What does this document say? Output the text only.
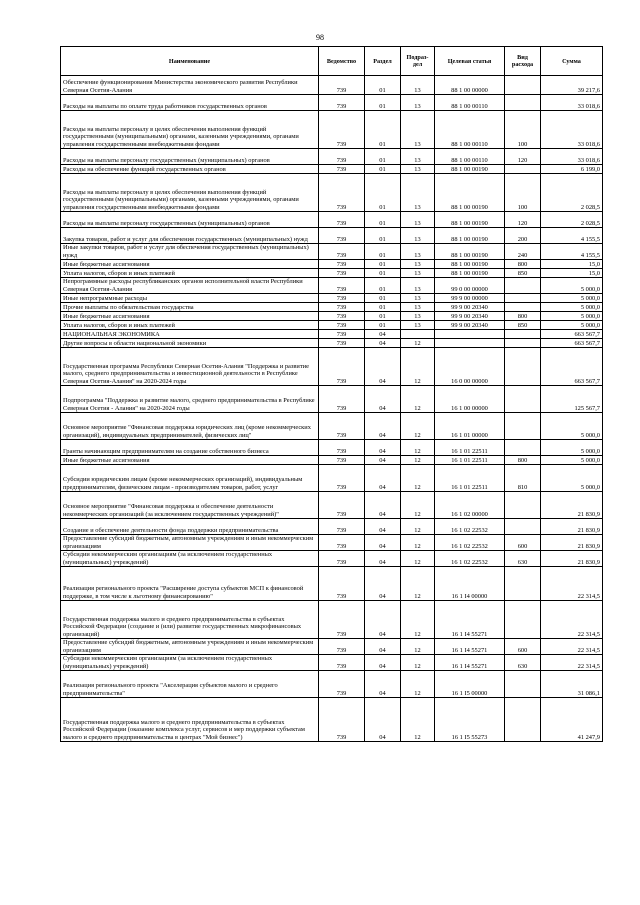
98
Наименование	Ведомство	Раздел	Подраз-дел	Целевая статья	Вид расхода	Сумма
Обеспечение функционирования Министерства экономического развития Республики Северная Осетия-Алания	739	01	13	88 1 00 00000		39 217,6
Расходы на выплаты по оплате труда работников государственных органов	739	01	13	88 1 00 00110		33 018,6
Расходы на выплаты персоналу в целях обеспечения выполнения функций государственными (муниципальными) органами, казенными учреждениями, органами управления государственными внебюджетными фондами	739	01	13	88 1 00 00110	100	33 018,6
Расходы на выплаты персоналу государственных (муниципальных) органов	739	01	13	88 1 00 00110	120	33 018,6
Расходы на обеспечение функций государственных органов	739	01	13	88 1 00 00190		6 199,0
Расходы на выплаты персоналу в целях обеспечения выполнения функций государственными (муниципальными) органами, казенными учреждениями, органами управления государственными внебюджетными фондами	739	01	13	88 1 00 00190	100	2 028,5
Расходы на выплаты персоналу государственных (муниципальных) органов	739	01	13	88 1 00 00190	120	2 028,5
Закупка товаров, работ и услуг для обеспечения государственных (муниципальных) нужд	739	01	13	88 1 00 00190	200	4 155,5
Иные закупки товаров, работ и услуг для обеспечения государственных (муниципальных) нужд	739	01	13	88 1 00 00190	240	4 155,5
Иные бюджетные ассигнования	739	01	13	88 1 00 00190	800	15,0
Уплата налогов, сборов и иных платежей	739	01	13	88 1 00 00190	850	15,0
Непрограммные расходы республиканских органов исполнительной власти Республики Северная Осетия-Алания	739	01	13	99 0 00 00000		5 000,0
Иные непрограммные расходы	739	01	13	99 9 00 00000		5 000,0
Прочие выплаты по обязательствам государства	739	01	13	99 9 00 20340		5 000,0
Иные бюджетные ассигнования	739	01	13	99 9 00 20340	800	5 000,0
Уплата налогов, сборов и иных платежей	739	01	13	99 9 00 20340	850	5 000,0
НАЦИОНАЛЬНАЯ ЭКОНОМИКА	739	04				663 567,7
Другие вопросы в области национальной экономики	739	04	12			663 567,7
Государственная программа Республики Северная Осетия-Алания "Поддержка и развитие малого, среднего предпринимательства и инвестиционной деятельности в Республике Северная Осетия-Алания" на 2020-2024 годы	739	04	12	16 0 00 00000		663 567,7
Подпрограмма "Поддержка и развитие малого, среднего предпринимательства в Республике Северная Осетия - Алания" на 2020-2024 годы	739	04	12	16 1 00 00000		125 567,7
Основное мероприятие "Финансовая поддержка юридических лиц (кроме некоммерческих организаций), индивидуальных предпринимателей, физических лиц"	739	04	12	16 1 01 00000		5 000,0
Гранты начинающим предпринимателям на создание собственного бизнеса	739	04	12	16 1 01 22511		5 000,0
Иные бюджетные ассигнования	739	04	12	16 1 01 22511	800	5 000,0
Субсидии юридическим лицам (кроме некоммерческих организаций), индивидуальным предпринимателям, физическим лицам - производителям товаров, работ, услуг	739	04	12	16 1 01 22511	810	5 000,0
Основное мероприятие "Финансовая поддержка и обеспечение деятельности некоммерческих организаций (за исключением государственных учреждений)"	739	04	12	16 1 02 00000		21 830,9
Создание и обеспечение деятельности фонда поддержки предпринимательства	739	04	12	16 1 02 22532		21 830,9
Предоставление субсидий бюджетным, автономным учреждениям и иным некоммерческим организациям	739	04	12	16 1 02 22532	600	21 830,9
Субсидии некоммерческим организациям (за исключением государственных (муниципальных) учреждений)	739	04	12	16 1 02 22532	630	21 830,9
Реализация регионального проекта "Расширение доступа субъектов МСП к финансовой поддержке, в том числе к льготному финансированию"	739	04	12	16 1 I4 00000		22 314,5
Государственная поддержка малого и среднего предпринимательства в субъектах Российской Федерации (создание и (или) развитие государственных микрофинансовых организаций)	739	04	12	16 1 I4 55271		22 314,5
Предоставление субсидий бюджетным, автономным учреждениям и иным некоммерческим организациям	739	04	12	16 1 I4 55271	600	22 314,5
Субсидии некоммерческим организациям (за исключением государственных (муниципальных) учреждений)	739	04	12	16 1 I4 55271	630	22 314,5
Реализация регионального проекта "Акселерация субъектов малого и среднего предпринимательства"	739	04	12	16 1 I5 00000		31 086,1
Государственная поддержка малого и среднего предпринимательства в субъектах Российской Федерации (оказание комплекса услуг, сервисов и мер поддержки субъектам малого и среднего предпринимательства в центрах "Мой бизнес")	739	04	12	16 1 I5 55273		41 247,9
